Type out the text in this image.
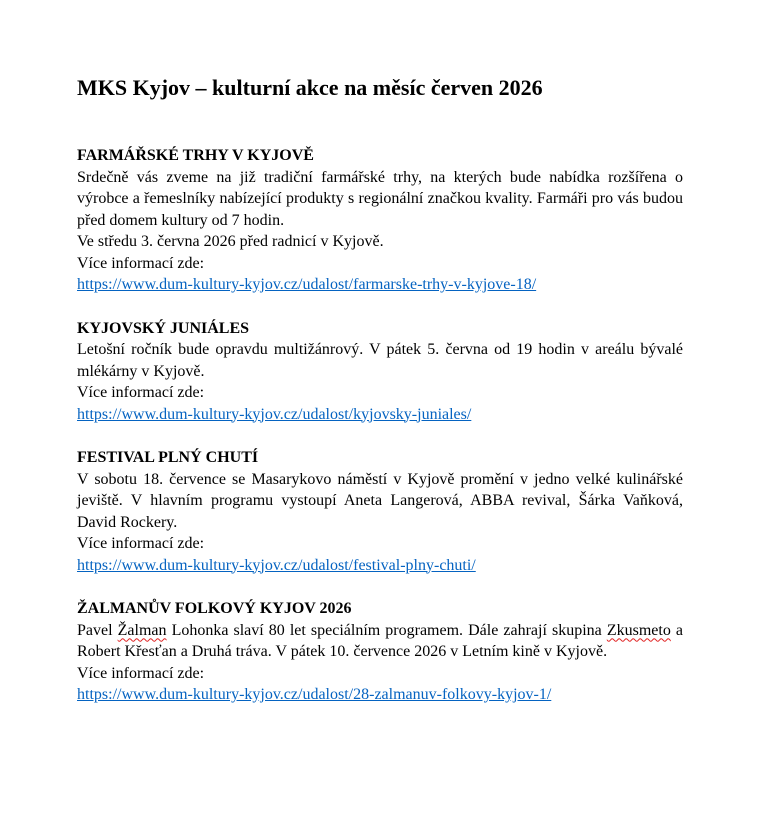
MKS Kyjov – kulturní akce na měsíc červen 2026

FARMÁŘSKÉ TRHY V KYJOVĚ

Srdečně vás zveme na již tradiční farmářské trhy, na kterých bude nabídka rozšířena o výrobce a řemeslníky nabízející produkty s regionální značkou kvality. Farmáři pro vás budou před domem kultury od 7 hodin.

Ve středu 3. června 2026 před radnicí v Kyjově.

Více informací zde:

https://www.dum-kultury-kyjov.cz/udalost/farmarske-trhy-v-kyjove-18/

KYJOVSKÝ JUNIÁLES

Letošní ročník bude opravdu multižánrový. V pátek 5. června od 19 hodin v areálu bývalé mlékárny v Kyjově.

Více informací zde:

https://www.dum-kultury-kyjov.cz/udalost/kyjovsky-juniales/

FESTIVAL PLNÝ CHUTÍ

V sobotu 18. července se Masarykovo náměstí v Kyjově promění v jedno velké kulinářské jeviště. V hlavním programu vystoupí Aneta Langerová, ABBA revival, Šárka Vaňková, David Rockery.

Více informací zde:

https://www.dum-kultury-kyjov.cz/udalost/festival-plny-chuti/

ŽALMANŮV FOLKOVÝ KYJOV 2026

Pavel Žalman Lohonka slaví 80 let speciálním programem. Dále zahrají skupina Zkusmeto a Robert Křesťan a Druhá tráva. V pátek 10. července 2026 v Letním kině v Kyjově.

Více informací zde:

https://www.dum-kultury-kyjov.cz/udalost/28-zalmanuv-folkovy-kyjov-1/
